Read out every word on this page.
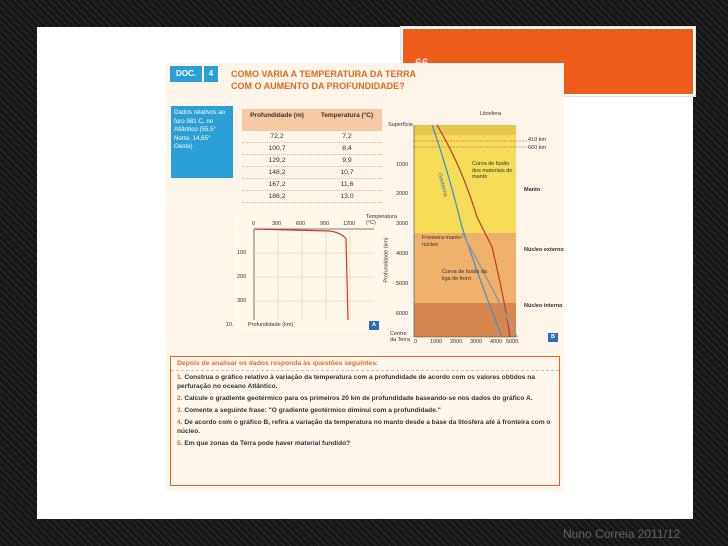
DOC.	4	COMO VARIA A TEMPERATURA DA TERRA
COM O AUMENTO DA PROFUNDIDADE?
Dados relativos ao furo 981 C, no Atlântico (55,5° Norte, 14,65° Oeste)
Profundidade (m)	Temperatura (°C)
72,2	7,2
100,7	8,4
129,2	9,9
148,2	10,7
167,2	11,6
186,2	13,0
0	300	600	900	1200
Temperatura (°C)
100
200
300
10.	Profundidade (km)	A
Litosfera
Superfície
410 km
660 km
1000
2000
3000
4000
5000
6000
Profundidade (km)
Geoterma
Curva de fusão dos materiais do manto
Manto
Fronteira manto-núcleo
Núcleo externo
Curva de fusão da liga de ferro
Núcleo interno
Centro da Terra 0 1000 2000 3000 4000 5000
B
Depois de analisar os dados responda às questões seguintes:
1. Construa o gráfico relativo à variação da temperatura com a profundidade de acordo com os valores obtidos na perfuração no oceano Atlântico.
2. Calcule o gradiente geotérmico para os primeiros 20 km de profundidade baseando-se nos dados do gráfico A.
3. Comente a seguinte frase: "O gradiente geotérmico diminui com a profundidade."
4. De acordo com o gráfico B, refira a variação da temperatura no manto desde a base da litosfera até à fronteira com o núcleo.
5. Em que zonas da Terra pode haver material fundido?
Nuno Correia 2011/12
